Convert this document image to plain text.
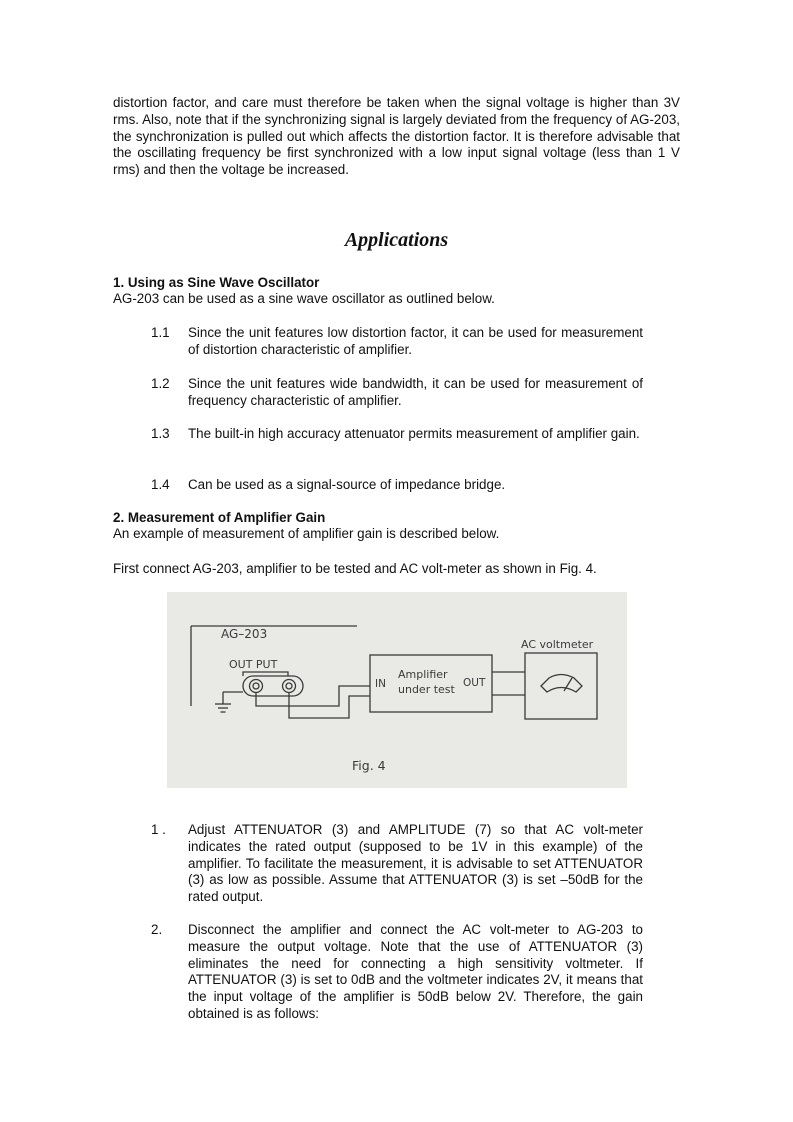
distortion factor, and care must therefore be taken when the signal voltage is higher than 3V rms. Also, note that if the synchronizing signal is largely deviated from the frequency of AG-203, the synchronization is pulled out which affects the distortion factor. It is therefore advisable that the oscillating frequency be first synchronized with a low input signal voltage (less than 1 V rms) and then the voltage be increased.

Applications
1. Using as Sine Wave Oscillator

AG-203 can be used as a sine wave oscillator as outlined below.

1.1 Since the unit features low distortion factor, it can be used for measurement of distortion characteristic of amplifier.

1.2 Since the unit features wide bandwidth, it can be used for measurement of frequency characteristic of amplifier.

1.3 The built-in high accuracy attenuator permits measurement of amplifier gain.

1.4 Can be used as a signal-source of impedance bridge.

2. Measurement of Amplifier Gain

An example of measurement of amplifier gain is described below.

First connect AG-203, amplifier to be tested and AC volt-meter as shown in Fig. 4.

AG–203
OUT PUT
IN
Amplifier
under test OUT
AC voltmeter
Fig. 4
1 . Adjust ATTENUATOR (3) and AMPLITUDE (7) so that AC volt-meter indicates the rated output (supposed to be 1V in this example) of the amplifier. To facilitate the measurement, it is advisable to set ATTENUATOR (3) as low as possible. Assume that ATTENUATOR (3) is set –50dB for the rated output.

2. Disconnect the amplifier and connect the AC volt-meter to AG-203 to measure the output voltage. Note that the use of ATTENUATOR (3) eliminates the need for connecting a high sensitivity voltmeter. If ATTENUATOR (3) is set to 0dB and the voltmeter indicates 2V, it means that the input voltage of the amplifier is 50dB below 2V. Therefore, the gain obtained is as follows:
